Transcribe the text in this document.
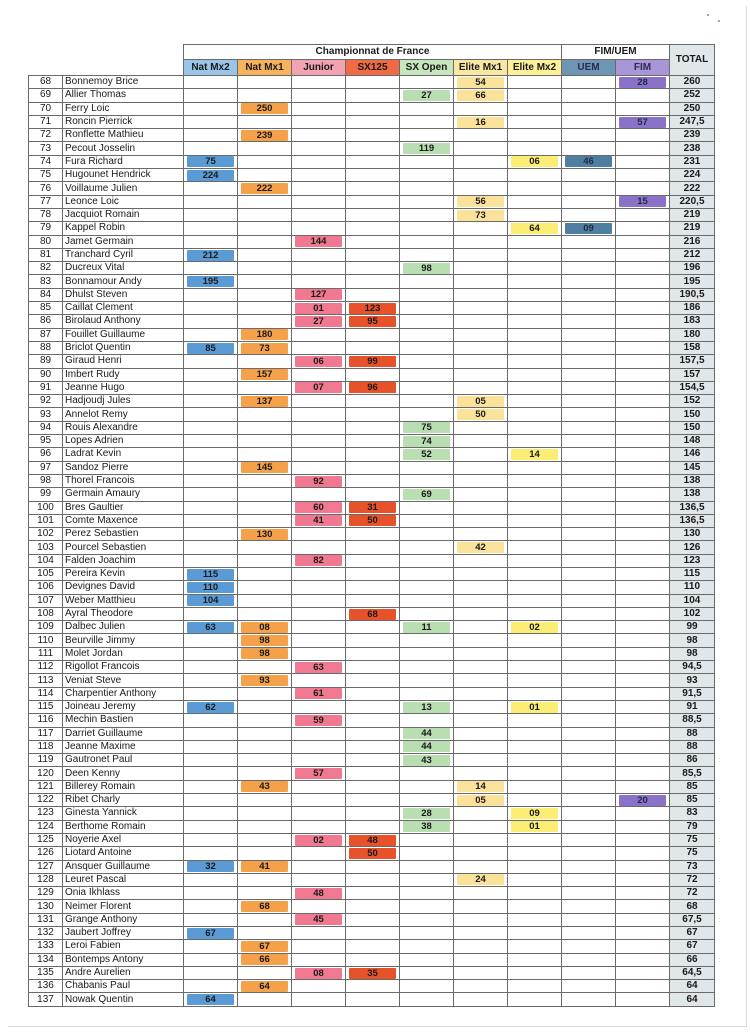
		Championnat de France							FIM/UEM		TOTAL
		Nat Mx2	Nat Mx1	Junior	SX125	SX Open	Elite Mx1	Elite Mx2	UEM	FIM	
68	Bonnemoy Brice						54			28	260
69	Allier Thomas					27	66				252
70	Ferry Loic		250								250
71	Roncin Pierrick						16			57	247,5
72	Ronflette Mathieu		239								239
73	Pecout Josselin					119					238
74	Fura Richard	75						06	46		231
75	Hugounet Hendrick	224									224
76	Voillaume Julien		222								222
77	Leonce Loic						56			15	220,5
78	Jacquiot Romain						73				219
79	Kappel Robin							64	09		219
80	Jamet Germain			144							216
81	Tranchard Cyril	212									212
82	Ducreux Vital					98					196
83	Bonnamour Andy	195									195
84	Dhulst Steven			127							190,5
85	Caillat Clement			01	123						186
86	Birolaud Anthony			27	95						183
87	Fouillet Guillaume		180								180
88	Briclot Quentin	85	73								158
89	Giraud Henri			06	99						157,5
90	Imbert Rudy		157								157
91	Jeanne Hugo			07	96						154,5
92	Hadjoudj Jules		137				05				152
93	Annelot Remy						50				150
94	Rouis Alexandre					75					150
95	Lopes Adrien					74					148
96	Ladrat Kevin					52		14			146
97	Sandoz Pierre		145								145
98	Thorel Francois			92							138
99	Germain Amaury					69					138
100	Bres Gaultier			60	31						136,5
101	Comte Maxence			41	50						136,5
102	Perez Sebastien		130								130
103	Pourcel Sebastien						42				126
104	Falden Joachim			82							123
105	Pereira Kevin	115									115
106	Devignes David	110									110
107	Weber Matthieu	104									104
108	Ayral Theodore				68						102
109	Dalbec Julien	63	08			11		02			99
110	Beurville Jimmy		98								98
111	Molet Jordan		98								98
112	Rigollot Francois			63							94,5
113	Veniat Steve		93								93
114	Charpentier Anthony			61							91,5
115	Joineau Jeremy	62				13		01			91
116	Mechin Bastien			59							88,5
117	Darriet Guillaume					44					88
118	Jeanne Maxime					44					88
119	Gautronet Paul					43					86
120	Deen Kenny			57							85,5
121	Billerey Romain		43				14				85
122	Ribet Charly						05			20	85
123	Ginesta Yannick					28		09			83
124	Berthome Romain					38		01			79
125	Noyerie Axel			02	48						75
126	Liotard Antoine				50						75
127	Ansquer Guillaume	32	41								73
128	Leuret Pascal						24				72
129	Onia Ikhlass			48							72
130	Neimer Florent		68								68
131	Grange Anthony			45							67,5
132	Jaubert Joffrey	67									67
133	Leroi Fabien		67								67
134	Bontemps Antony		66								66
135	Andre Aurelien			08	35						64,5
136	Chabanis Paul		64								64
137	Nowak Quentin	64									64
